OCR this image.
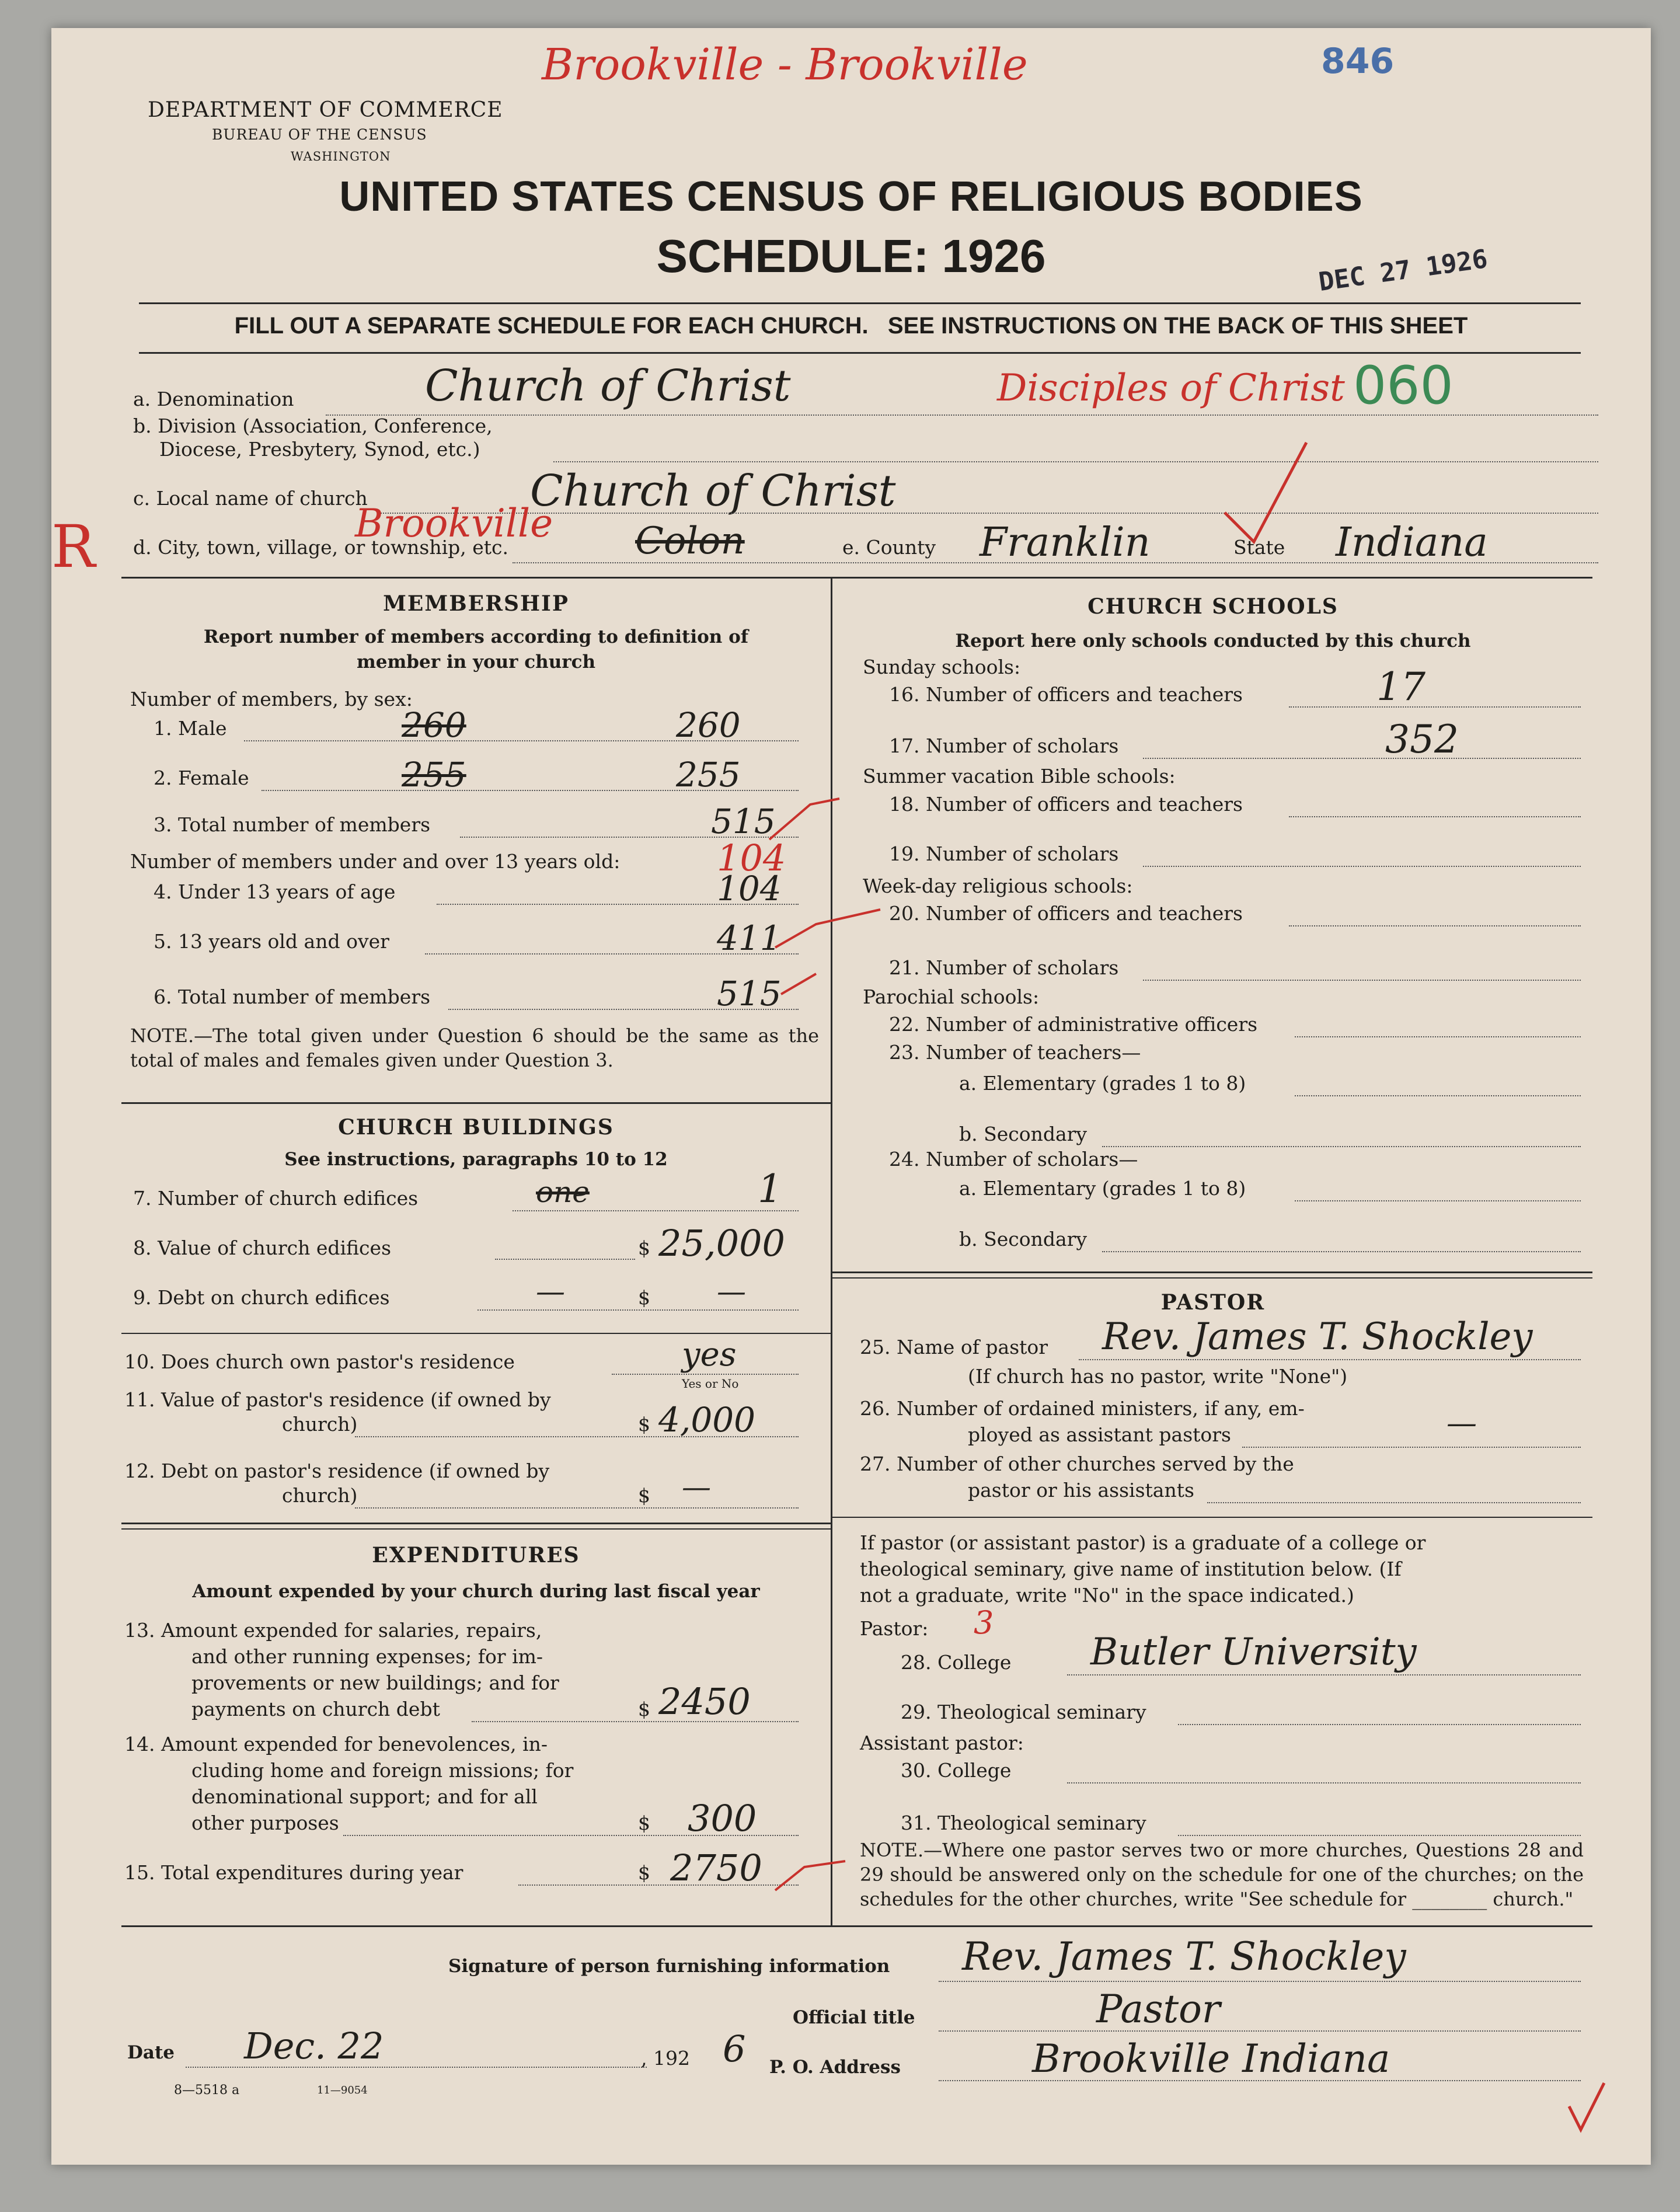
Brookville - Brookville	846
DEPARTMENT OF COMMERCE
BUREAU OF THE CENSUS
WASHINGTON
UNITED STATES CENSUS OF RELIGIOUS BODIES
SCHEDULE: 1926	DEC 27 1926
FILL OUT A SEPARATE SCHEDULE FOR EACH CHURCH.   SEE INSTRUCTIONS ON THE BACK OF THIS SHEET
a. Denomination	Church of Christ	Disciples of Christ 060
b. Division (Association, Conference,
Diocese, Presbytery, Synod, etc.)
c. Local name of church	Church of Christ
R	Brookville
d. City, town, village, or township, etc.	Colon	e. County Franklin	State Indiana
MEMBERSHIP
Report number of members according to definition of
member in your church
Number of members, by sex:
1. Male	260	260
2. Female	255	255
3. Total number of members	515
Number of members under and over 13 years old:	104
4. Under 13 years of age	104
5. 13 years old and over	411
6. Total number of members	515
NOTE.—The total given under Question 6 should be the same as the total of males and females given under Question 3.
CHURCH BUILDINGS
See instructions, paragraphs 10 to 12
7. Number of church edifices	one	1
8. Value of church edifices	$ 25,000
9. Debt on church edifices	—	$ —
10. Does church own pastor's residence	yes
Yes or No
11. Value of pastor's residence (if owned by
church)	$ 4,000
12. Debt on pastor's residence (if owned by
church)	$ —
EXPENDITURES
Amount expended by your church during last fiscal year
13. Amount expended for salaries, repairs,
and other running expenses; for im-
provements or new buildings; and for
payments on church debt	$ 2450
14. Amount expended for benevolences, in-
cluding home and foreign missions; for
denominational support; and for all
other purposes	$ 300
15. Total expenditures during year	$ 2750
CHURCH SCHOOLS
Report here only schools conducted by this church
Sunday schools:
16. Number of officers and teachers	17
17. Number of scholars	352
Summer vacation Bible schools:
18. Number of officers and teachers
19. Number of scholars
Week-day religious schools:
20. Number of officers and teachers
21. Number of scholars
Parochial schools:
22. Number of administrative officers
23. Number of teachers—
a. Elementary (grades 1 to 8)
b. Secondary
24. Number of scholars—
a. Elementary (grades 1 to 8)
b. Secondary
PASTOR
25. Name of pastor Rev. James T. Shockley
(If church has no pastor, write "None")
26. Number of ordained ministers, if any, em-
ployed as assistant pastors	—
27. Number of other churches served by the
pastor or his assistants
If pastor (or assistant pastor) is a graduate of a college or
theological seminary, give name of institution below. (If
not a graduate, write "No" in the space indicated.)
Pastor: 3
28. College Butler University
29. Theological seminary
Assistant pastor:
30. College
31. Theological seminary
NOTE.—Where one pastor serves two or more churches, Questions 28 and 29 should be answered only on the schedule for one of the churches; on the schedules for the other churches, write "See schedule for ________ church."
Signature of person furnishing information Rev. James T. Shockley
Official title	Pastor
Date Dec. 22	, 192 6 P. O. Address	Brookville Indiana
8—5518 a	11—9054
